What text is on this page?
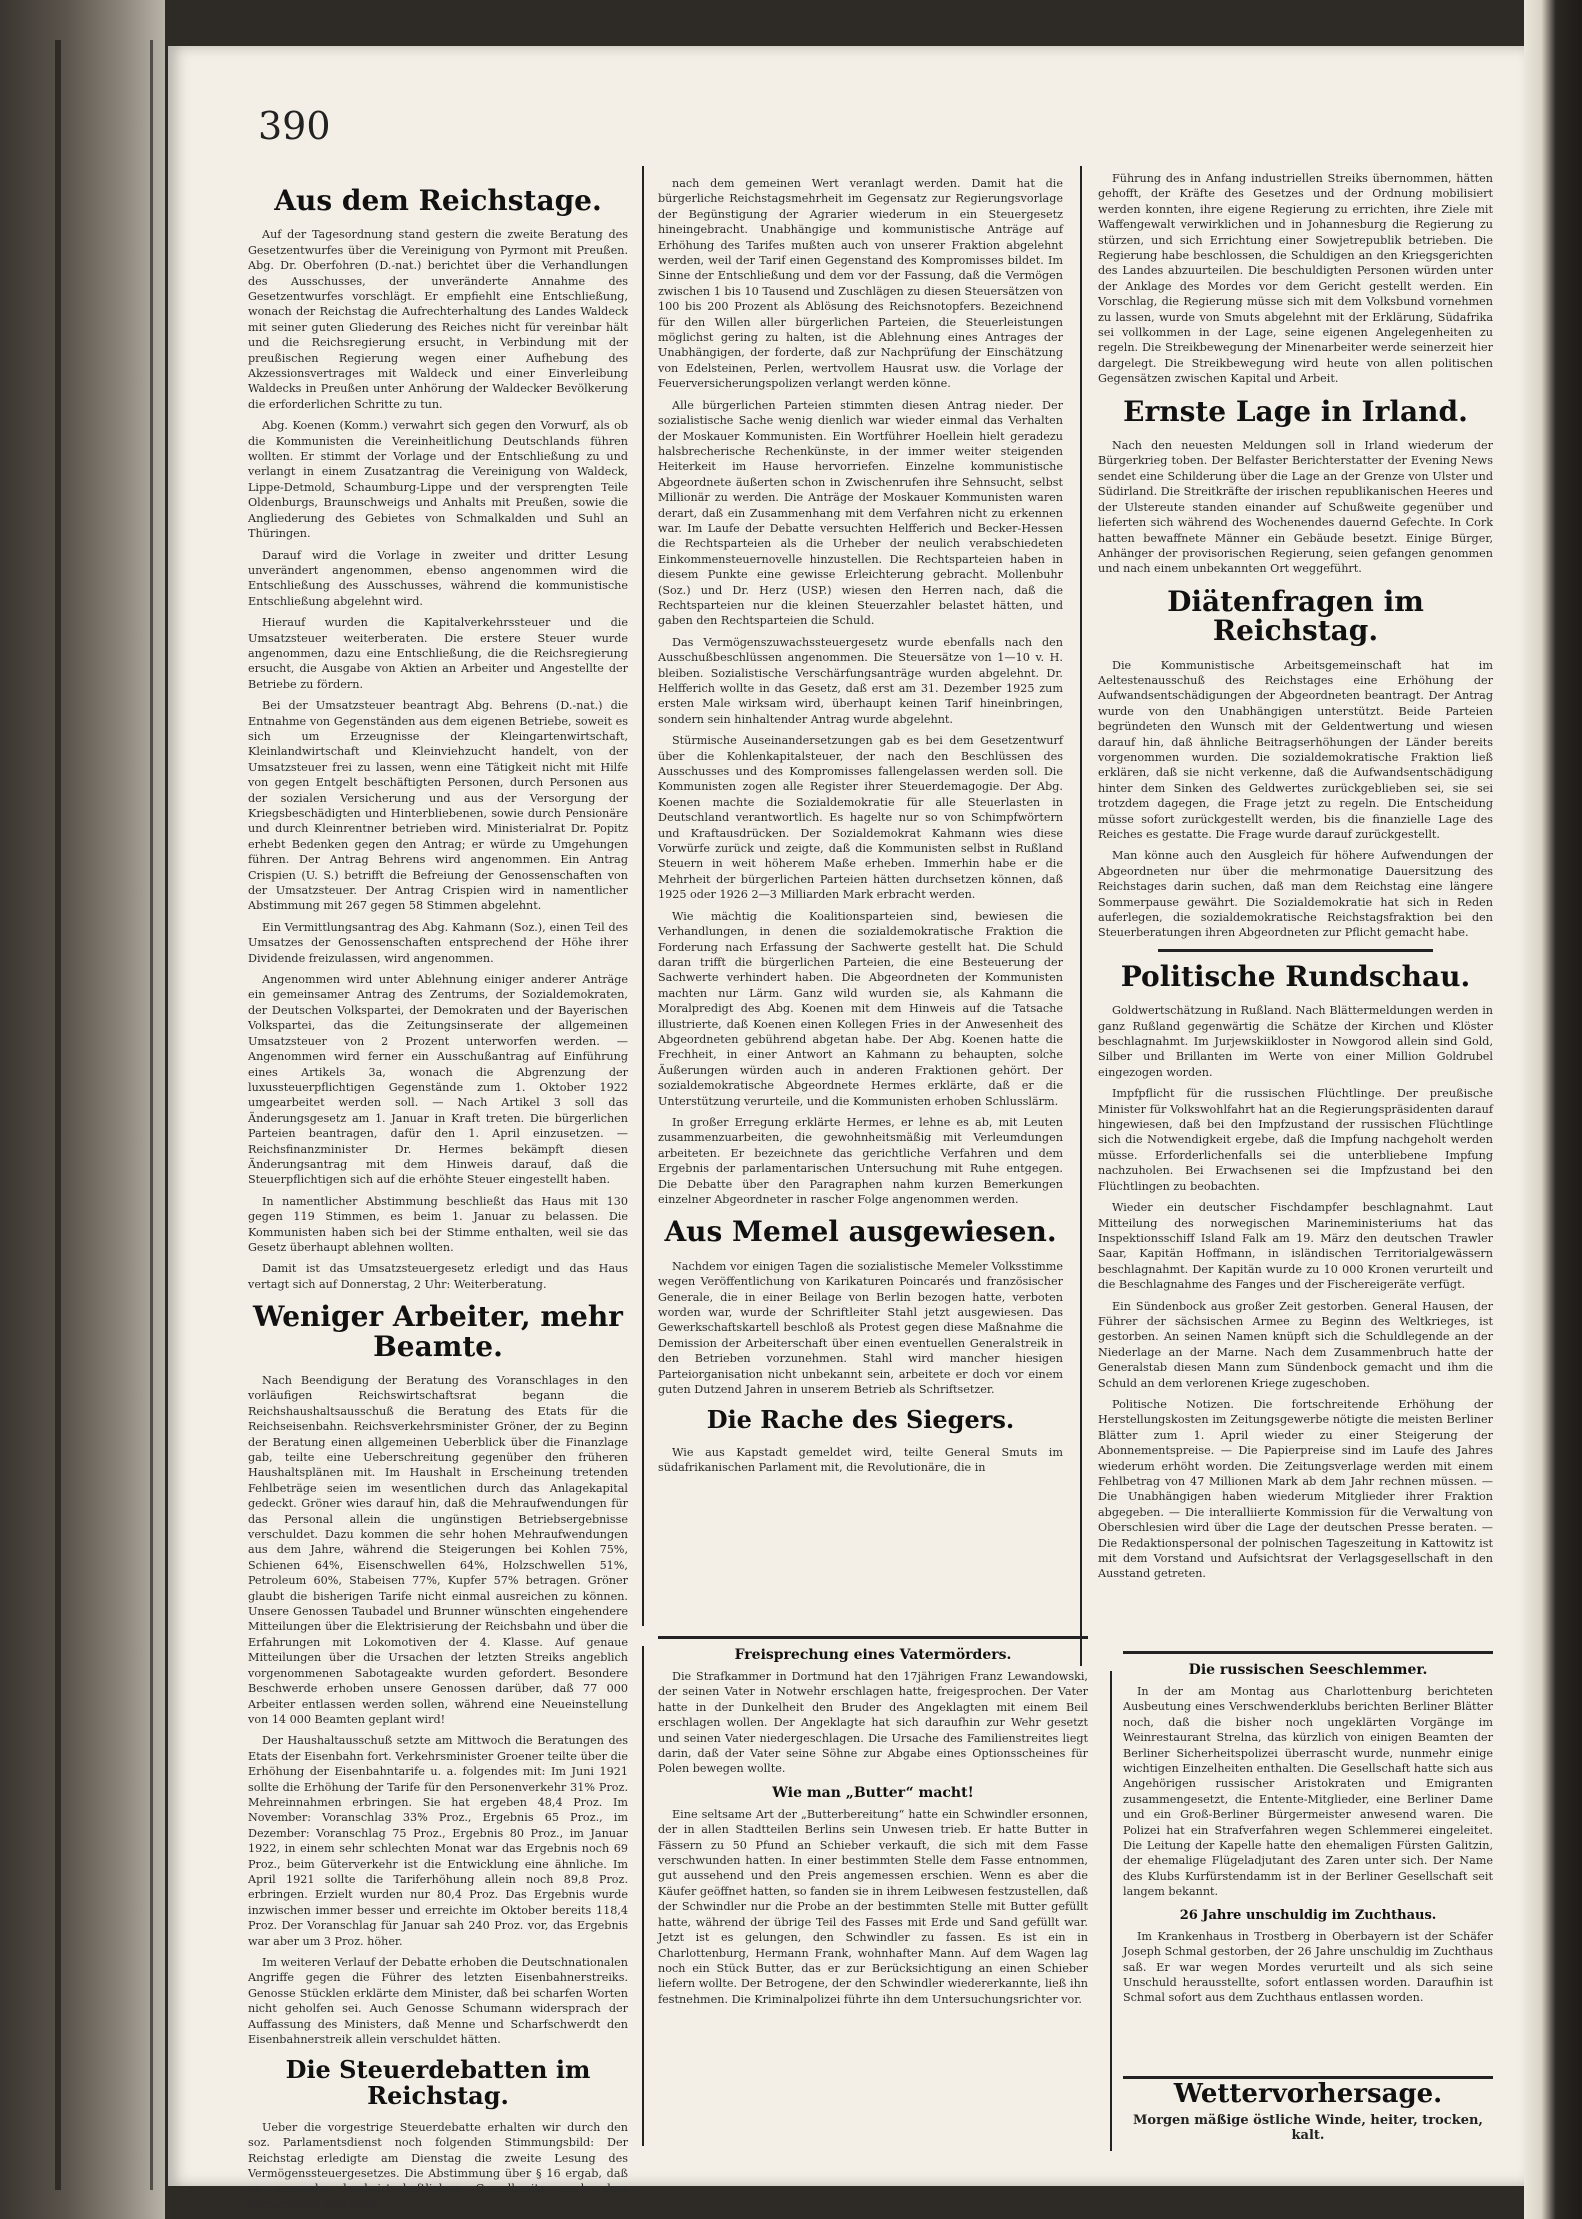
390
Aus dem Reichstage.

Auf der Tagesordnung stand gestern die zweite Beratung des Gesetzentwurfes über die Vereinigung von Pyrmont mit Preußen. Abg. Dr. Oberfohren (D.-nat.) berichtet über die Verhandlungen des Ausschusses, der unveränderte Annahme des Gesetzentwurfes vorschlägt. Er empfiehlt eine Entschließung, wonach der Reichstag die Aufrechterhaltung des Landes Waldeck mit seiner guten Gliederung des Reiches nicht für vereinbar hält und die Reichsregierung ersucht, in Verbindung mit der preußischen Regierung wegen einer Aufhebung des Akzessionsvertrages mit Waldeck und einer Einverleibung Waldecks in Preußen unter Anhörung der Waldecker Bevölkerung die erforderlichen Schritte zu tun.

Abg. Koenen (Komm.) verwahrt sich gegen den Vorwurf, als ob die Kommunisten die Vereinheitlichung Deutschlands führen wollten. Er stimmt der Vorlage und der Entschließung zu und verlangt in einem Zusatzantrag die Vereinigung von Waldeck, Lippe-Detmold, Schaumburg-Lippe und der versprengten Teile Oldenburgs, Braunschweigs und Anhalts mit Preußen, sowie die Angliederung des Gebietes von Schmalkalden und Suhl an Thüringen.

Darauf wird die Vorlage in zweiter und dritter Lesung unverändert angenommen, ebenso angenommen wird die Entschließung des Ausschusses, während die kommunistische Entschließung abgelehnt wird.

Hierauf wurden die Kapitalverkehrssteuer und die Umsatzsteuer weiterberaten. Die erstere Steuer wurde angenommen, dazu eine Entschließung, die die Reichsregierung ersucht, die Ausgabe von Aktien an Arbeiter und Angestellte der Betriebe zu fördern.

Bei der Umsatzsteuer beantragt Abg. Behrens (D.-nat.) die Entnahme von Gegenständen aus dem eigenen Betriebe, soweit es sich um Erzeugnisse der Kleingartenwirtschaft, Kleinlandwirtschaft und Kleinviehzucht handelt, von der Umsatzsteuer frei zu lassen, wenn eine Tätigkeit nicht mit Hilfe von gegen Entgelt beschäftigten Personen, durch Personen aus der sozialen Versicherung und aus der Versorgung der Kriegsbeschädigten und Hinterbliebenen, sowie durch Pensionäre und durch Kleinrentner betrieben wird. Ministerialrat Dr. Popitz erhebt Bedenken gegen den Antrag; er würde zu Umgehungen führen. Der Antrag Behrens wird angenommen. Ein Antrag Crispien (U. S.) betrifft die Befreiung der Genossenschaften von der Umsatzsteuer. Der Antrag Crispien wird in namentlicher Abstimmung mit 267 gegen 58 Stimmen abgelehnt.

Ein Vermittlungsantrag des Abg. Kahmann (Soz.), einen Teil des Umsatzes der Genossenschaften entsprechend der Höhe ihrer Dividende freizulassen, wird angenommen.

Angenommen wird unter Ablehnung einiger anderer Anträge ein gemeinsamer Antrag des Zentrums, der Sozialdemokraten, der Deutschen Volkspartei, der Demokraten und der Bayerischen Volkspartei, das die Zeitungsinserate der allgemeinen Umsatzsteuer von 2 Prozent unterworfen werden. — Angenommen wird ferner ein Ausschußantrag auf Einführung eines Artikels 3a, wonach die Abgrenzung der luxussteuerpflichtigen Gegenstände zum 1. Oktober 1922 umgearbeitet werden soll. — Nach Artikel 3 soll das Änderungsgesetz am 1. Januar in Kraft treten. Die bürgerlichen Parteien beantragen, dafür den 1. April einzusetzen. — Reichsfinanzminister Dr. Hermes bekämpft diesen Änderungsantrag mit dem Hinweis darauf, daß die Steuerpflichtigen sich auf die erhöhte Steuer eingestellt haben.

In namentlicher Abstimmung beschließt das Haus mit 130 gegen 119 Stimmen, es beim 1. Januar zu belassen. Die Kommunisten haben sich bei der Stimme enthalten, weil sie das Gesetz überhaupt ablehnen wollten.

Damit ist das Umsatzsteuergesetz erledigt und das Haus vertagt sich auf Donnerstag, 2 Uhr: Weiterberatung.

Weniger Arbeiter, mehr Beamte.

Nach Beendigung der Beratung des Voranschlages in den vorläufigen Reichswirtschaftsrat begann die Reichshaushaltsausschuß die Beratung des Etats für die Reichseisenbahn. Reichsverkehrsminister Gröner, der zu Beginn der Beratung einen allgemeinen Ueberblick über die Finanzlage gab, teilte eine Ueberschreitung gegenüber den früheren Haushaltsplänen mit. Im Haushalt in Erscheinung tretenden Fehlbeträge seien im wesentlichen durch das Anlagekapital gedeckt. Gröner wies darauf hin, daß die Mehraufwendungen für das Personal allein die ungünstigen Betriebsergebnisse verschuldet. Dazu kommen die sehr hohen Mehraufwendungen aus dem Jahre, während die Steigerungen bei Kohlen 75%, Schienen 64%, Eisenschwellen 64%, Holzschwellen 51%, Petroleum 60%, Stabeisen 77%, Kupfer 57% betragen. Gröner glaubt die bisherigen Tarife nicht einmal ausreichen zu können. Unsere Genossen Taubadel und Brunner wünschten eingehendere Mitteilungen über die Elektrisierung der Reichsbahn und über die Erfahrungen mit Lokomotiven der 4. Klasse. Auf genaue Mitteilungen über die Ursachen der letzten Streiks angeblich vorgenommenen Sabotageakte wurden gefordert. Besondere Beschwerde erhoben unsere Genossen darüber, daß 77 000 Arbeiter entlassen werden sollen, während eine Neueinstellung von 14 000 Beamten geplant wird!

Der Haushaltausschuß setzte am Mittwoch die Beratungen des Etats der Eisenbahn fort. Verkehrsminister Groener teilte über die Erhöhung der Eisenbahntarife u. a. folgendes mit: Im Juni 1921 sollte die Erhöhung der Tarife für den Personenverkehr 31% Proz. Mehreinnahmen erbringen. Sie hat ergeben 48,4 Proz. Im November: Voranschlag 33% Proz., Ergebnis 65 Proz., im Dezember: Voranschlag 75 Proz., Ergebnis 80 Proz., im Januar 1922, in einem sehr schlechten Monat war das Ergebnis noch 69 Proz., beim Güterverkehr ist die Entwicklung eine ähnliche. Im April 1921 sollte die Tariferhöhung allein noch 89,8 Proz. erbringen. Erzielt wurden nur 80,4 Proz. Das Ergebnis wurde inzwischen immer besser und erreichte im Oktober bereits 118,4 Proz. Der Voranschlag für Januar sah 240 Proz. vor, das Ergebnis war aber um 3 Proz. höher.

Im weiteren Verlauf der Debatte erhoben die Deutschnationalen Angriffe gegen die Führer des letzten Eisenbahnerstreiks. Genosse Stücklen erklärte dem Minister, daß bei scharfen Worten nicht geholfen sei. Auch Genosse Schumann widersprach der Auffassung des Ministers, daß Menne und Scharfschwerdt den Eisenbahnerstreik allein verschuldet hätten.

Die Steuerdebatten im Reichstag.

Ueber die vorgestrige Steuerdebatte erhalten wir durch den soz. Parlamentsdienst noch folgenden Stimmungsbild: Der Reichstag erledigte am Dienstag die zweite Lesung des Vermögenssteuergesetzes. Die Abstimmung über § 16 ergab, daß es nunmehr landwirtschaftlichen Grundbesitz nach dem Ertragswert, und nicht

nach dem gemeinen Wert veranlagt werden. Damit hat die bürgerliche Reichstagsmehrheit im Gegensatz zur Regierungsvorlage der Begünstigung der Agrarier wiederum in ein Steuergesetz hineingebracht. Unabhängige und kommunistische Anträge auf Erhöhung des Tarifes mußten auch von unserer Fraktion abgelehnt werden, weil der Tarif einen Gegenstand des Kompromisses bildet. Im Sinne der Entschließung und dem vor der Fassung, daß die Vermögen zwischen 1 bis 10 Tausend und Zuschlägen zu diesen Steuersätzen von 100 bis 200 Prozent als Ablösung des Reichsnotopfers. Bezeichnend für den Willen aller bürgerlichen Parteien, die Steuerleistungen möglichst gering zu halten, ist die Ablehnung eines Antrages der Unabhängigen, der forderte, daß zur Nachprüfung der Einschätzung von Edelsteinen, Perlen, wertvollem Hausrat usw. die Vorlage der Feuerversicherungspolizen verlangt werden könne.

Alle bürgerlichen Parteien stimmten diesen Antrag nieder. Der sozialistische Sache wenig dienlich war wieder einmal das Verhalten der Moskauer Kommunisten. Ein Wortführer Hoellein hielt geradezu halsbrecherische Rechenkünste, in der immer weiter steigenden Heiterkeit im Hause hervorriefen. Einzelne kommunistische Abgeordnete äußerten schon in Zwischenrufen ihre Sehnsucht, selbst Millionär zu werden. Die Anträge der Moskauer Kommunisten waren derart, daß ein Zusammenhang mit dem Verfahren nicht zu erkennen war. Im Laufe der Debatte versuchten Helfferich und Becker-Hessen die Rechtsparteien als die Urheber der neulich verabschiedeten Einkommensteuernovelle hinzustellen. Die Rechtsparteien haben in diesem Punkte eine gewisse Erleichterung gebracht. Mollenbuhr (Soz.) und Dr. Herz (USP.) wiesen den Herren nach, daß die Rechtsparteien nur die kleinen Steuerzahler belastet hätten, und gaben den Rechtsparteien die Schuld.

Das Vermögenszuwachssteuergesetz wurde ebenfalls nach den Ausschußbeschlüssen angenommen. Die Steuersätze von 1—10 v. H. bleiben. Sozialistische Verschärfungsanträge wurden abgelehnt. Dr. Helfferich wollte in das Gesetz, daß erst am 31. Dezember 1925 zum ersten Male wirksam wird, überhaupt keinen Tarif hineinbringen, sondern sein hinhaltender Antrag wurde abgelehnt.

Stürmische Auseinandersetzungen gab es bei dem Gesetzentwurf über die Kohlenkapitalsteuer, der nach den Beschlüssen des Ausschusses und des Kompromisses fallengelassen werden soll. Die Kommunisten zogen alle Register ihrer Steuerdemagogie. Der Abg. Koenen machte die Sozialdemokratie für alle Steuerlasten in Deutschland verantwortlich. Es hagelte nur so von Schimpfwörtern und Kraftausdrücken. Der Sozialdemokrat Kahmann wies diese Vorwürfe zurück und zeigte, daß die Kommunisten selbst in Rußland Steuern in weit höherem Maße erheben. Immerhin habe er die Mehrheit der bürgerlichen Parteien hätten durchsetzen können, daß 1925 oder 1926 2—3 Milliarden Mark erbracht werden.

Wie mächtig die Koalitionsparteien sind, bewiesen die Verhandlungen, in denen die sozialdemokratische Fraktion die Forderung nach Erfassung der Sachwerte gestellt hat. Die Schuld daran trifft die bürgerlichen Parteien, die eine Besteuerung der Sachwerte verhindert haben. Die Abgeordneten der Kommunisten machten nur Lärm. Ganz wild wurden sie, als Kahmann die Moralpredigt des Abg. Koenen mit dem Hinweis auf die Tatsache illustrierte, daß Koenen einen Kollegen Fries in der Anwesenheit des Abgeordneten gebührend abgetan habe. Der Abg. Koenen hatte die Frechheit, in einer Antwort an Kahmann zu behaupten, solche Äußerungen würden auch in anderen Fraktionen gehört. Der sozialdemokratische Abgeordnete Hermes erklärte, daß er die Unterstützung verurteile, und die Kommunisten erhoben Schlusslärm.

In großer Erregung erklärte Hermes, er lehne es ab, mit Leuten zusammenzuarbeiten, die gewohnheitsmäßig mit Verleumdungen arbeiteten. Er bezeichnete das gerichtliche Verfahren und dem Ergebnis der parlamentarischen Untersuchung mit Ruhe entgegen. Die Debatte über den Paragraphen nahm kurzen Bemerkungen einzelner Abgeordneter in rascher Folge angenommen werden.

Aus Memel ausgewiesen.

Nachdem vor einigen Tagen die sozialistische Memeler Volksstimme wegen Veröffentlichung von Karikaturen Poincarés und französischer Generale, die in einer Beilage von Berlin bezogen hatte, verboten worden war, wurde der Schriftleiter Stahl jetzt ausgewiesen. Das Gewerkschaftskartell beschloß als Protest gegen diese Maßnahme die Demission der Arbeiterschaft über einen eventuellen Generalstreik in den Betrieben vorzunehmen. Stahl wird mancher hiesigen Parteiorganisation nicht unbekannt sein, arbeitete er doch vor einem guten Dutzend Jahren in unserem Betrieb als Schriftsetzer.

Die Rache des Siegers.

Wie aus Kapstadt gemeldet wird, teilte General Smuts im südafrikanischen Parlament mit, die Revolutionäre, die in

Führung des in Anfang industriellen Streiks übernommen, hätten gehofft, der Kräfte des Gesetzes und der Ordnung mobilisiert werden konnten, ihre eigene Regierung zu errichten, ihre Ziele mit Waffengewalt verwirklichen und in Johannesburg die Regierung zu stürzen, und sich Errichtung einer Sowjetrepublik betrieben. Die Regierung habe beschlossen, die Schuldigen an den Kriegsgerichten des Landes abzuurteilen. Die beschuldigten Personen würden unter der Anklage des Mordes vor dem Gericht gestellt werden. Ein Vorschlag, die Regierung müsse sich mit dem Volksbund vornehmen zu lassen, wurde von Smuts abgelehnt mit der Erklärung, Südafrika sei vollkommen in der Lage, seine eigenen Angelegenheiten zu regeln. Die Streikbewegung der Minenarbeiter werde seinerzeit hier dargelegt. Die Streikbewegung wird heute von allen politischen Gegensätzen zwischen Kapital und Arbeit.

Ernste Lage in Irland.

Nach den neuesten Meldungen soll in Irland wiederum der Bürgerkrieg toben. Der Belfaster Berichterstatter der Evening News sendet eine Schilderung über die Lage an der Grenze von Ulster und Südirland. Die Streitkräfte der irischen republikanischen Heeres und der Ulstereute standen einander auf Schußweite gegenüber und lieferten sich während des Wochenendes dauernd Gefechte. In Cork hatten bewaffnete Männer ein Gebäude besetzt. Einige Bürger, Anhänger der provisorischen Regierung, seien gefangen genommen und nach einem unbekannten Ort weggeführt.

Diätenfragen im Reichstag.

Die Kommunistische Arbeitsgemeinschaft hat im Aeltestenausschuß des Reichstages eine Erhöhung der Aufwandsentschädigungen der Abgeordneten beantragt. Der Antrag wurde von den Unabhängigen unterstützt. Beide Parteien begründeten den Wunsch mit der Geldentwertung und wiesen darauf hin, daß ähnliche Beitragserhöhungen der Länder bereits vorgenommen wurden. Die sozialdemokratische Fraktion ließ erklären, daß sie nicht verkenne, daß die Aufwandsentschädigung hinter dem Sinken des Geldwertes zurückgeblieben sei, sie sei trotzdem dagegen, die Frage jetzt zu regeln. Die Entscheidung müsse sofort zurückgestellt werden, bis die finanzielle Lage des Reiches es gestatte. Die Frage wurde darauf zurückgestellt.

Man könne auch den Ausgleich für höhere Aufwendungen der Abgeordneten nur über die mehrmonatige Dauersitzung des Reichstages darin suchen, daß man dem Reichstag eine längere Sommerpause gewährt. Die Sozialdemokratie hat sich in Reden auferlegen, die sozialdemokratische Reichstagsfraktion bei den Steuerberatungen ihren Abgeordneten zur Pflicht gemacht habe.

Politische Rundschau.

Goldwertschätzung in Rußland. Nach Blättermeldungen werden in ganz Rußland gegenwärtig die Schätze der Kirchen und Klöster beschlagnahmt. Im Jurjewskiikloster in Nowgorod allein sind Gold, Silber und Brillanten im Werte von einer Million Goldrubel eingezogen worden.

Impfpflicht für die russischen Flüchtlinge. Der preußische Minister für Volkswohlfahrt hat an die Regierungspräsidenten darauf hingewiesen, daß bei den Impfzustand der russischen Flüchtlinge sich die Notwendigkeit ergebe, daß die Impfung nachgeholt werden müsse. Erforderlichenfalls sei die unterbliebene Impfung nachzuholen. Bei Erwachsenen sei die Impfzustand bei den Flüchtlingen zu beobachten.

Wieder ein deutscher Fischdampfer beschlagnahmt. Laut Mitteilung des norwegischen Marineministeriums hat das Inspektionsschiff Island Falk am 19. März den deutschen Trawler Saar, Kapitän Hoffmann, in isländischen Territorialgewässern beschlagnahmt. Der Kapitän wurde zu 10 000 Kronen verurteilt und die Beschlagnahme des Fanges und der Fischereigeräte verfügt.

Ein Sündenbock aus großer Zeit gestorben. General Hausen, der Führer der sächsischen Armee zu Beginn des Weltkrieges, ist gestorben. An seinen Namen knüpft sich die Schuldlegende an der Niederlage an der Marne. Nach dem Zusammenbruch hatte der Generalstab diesen Mann zum Sündenbock gemacht und ihm die Schuld an dem verlorenen Kriege zugeschoben.

Politische Notizen. Die fortschreitende Erhöhung der Herstellungskosten im Zeitungsgewerbe nötigte die meisten Berliner Blätter zum 1. April wieder zu einer Steigerung der Abonnementspreise. — Die Papierpreise sind im Laufe des Jahres wiederum erhöht worden. Die Zeitungsverlage werden mit einem Fehlbetrag von 47 Millionen Mark ab dem Jahr rechnen müssen. — Die Unabhängigen haben wiederum Mitglieder ihrer Fraktion abgegeben. — Die interalliierte Kommission für die Verwaltung von Oberschlesien wird über die Lage der deutschen Presse beraten. — Die Redaktionspersonal der polnischen Tageszeitung in Kattowitz ist mit dem Vorstand und Aufsichtsrat der Verlagsgesellschaft in den Ausstand getreten.

Freisprechung eines Vatermörders.

Die Strafkammer in Dortmund hat den 17jährigen Franz Lewandowski, der seinen Vater in Notwehr erschlagen hatte, freigesprochen. Der Vater hatte in der Dunkelheit den Bruder des Angeklagten mit einem Beil erschlagen wollen. Der Angeklagte hat sich daraufhin zur Wehr gesetzt und seinen Vater niedergeschlagen. Die Ursache des Familienstreites liegt darin, daß der Vater seine Söhne zur Abgabe eines Optionsscheines für Polen bewegen wollte.

Wie man „Butter“ macht!

Eine seltsame Art der „Butterbereitung“ hatte ein Schwindler ersonnen, der in allen Stadtteilen Berlins sein Unwesen trieb. Er hatte Butter in Fässern zu 50 Pfund an Schieber verkauft, die sich mit dem Fasse verschwunden hatten. In einer bestimmten Stelle dem Fasse entnommen, gut aussehend und den Preis angemessen erschien. Wenn es aber die Käufer geöffnet hatten, so fanden sie in ihrem Leibwesen festzustellen, daß der Schwindler nur die Probe an der bestimmten Stelle mit Butter gefüllt hatte, während der übrige Teil des Fasses mit Erde und Sand gefüllt war. Jetzt ist es gelungen, den Schwindler zu fassen. Es ist ein in Charlottenburg, Hermann Frank, wohnhafter Mann. Auf dem Wagen lag noch ein Stück Butter, das er zur Berücksichtigung an einen Schieber liefern wollte. Der Betrogene, der den Schwindler wiedererkannte, ließ ihn festnehmen. Die Kriminalpolizei führte ihn dem Untersuchungsrichter vor.

Die russischen Seeschlemmer.

In der am Montag aus Charlottenburg berichteten Ausbeutung eines Verschwenderklubs berichten Berliner Blätter noch, daß die bisher noch ungeklärten Vorgänge im Weinrestaurant Strelna, das kürzlich von einigen Beamten der Berliner Sicherheitspolizei überrascht wurde, nunmehr einige wichtigen Einzelheiten enthalten. Die Gesellschaft hatte sich aus Angehörigen russischer Aristokraten und Emigranten zusammengesetzt, die Entente-Mitglieder, eine Berliner Dame und ein Groß-Berliner Bürgermeister anwesend waren. Die Polizei hat ein Strafverfahren wegen Schlemmerei eingeleitet. Die Leitung der Kapelle hatte den ehemaligen Fürsten Galitzin, der ehemalige Flügeladjutant des Zaren unter sich. Der Name des Klubs Kurfürstendamm ist in der Berliner Gesellschaft seit langem bekannt.

26 Jahre unschuldig im Zuchthaus.

Im Krankenhaus in Trostberg in Oberbayern ist der Schäfer Joseph Schmal gestorben, der 26 Jahre unschuldig im Zuchthaus saß. Er war wegen Mordes verurteilt und als sich seine Unschuld herausstellte, sofort entlassen worden. Daraufhin ist Schmal sofort aus dem Zuchthaus entlassen worden.

Wettervorhersage.
Morgen mäßige östliche Winde, heiter, trocken, kalt.
